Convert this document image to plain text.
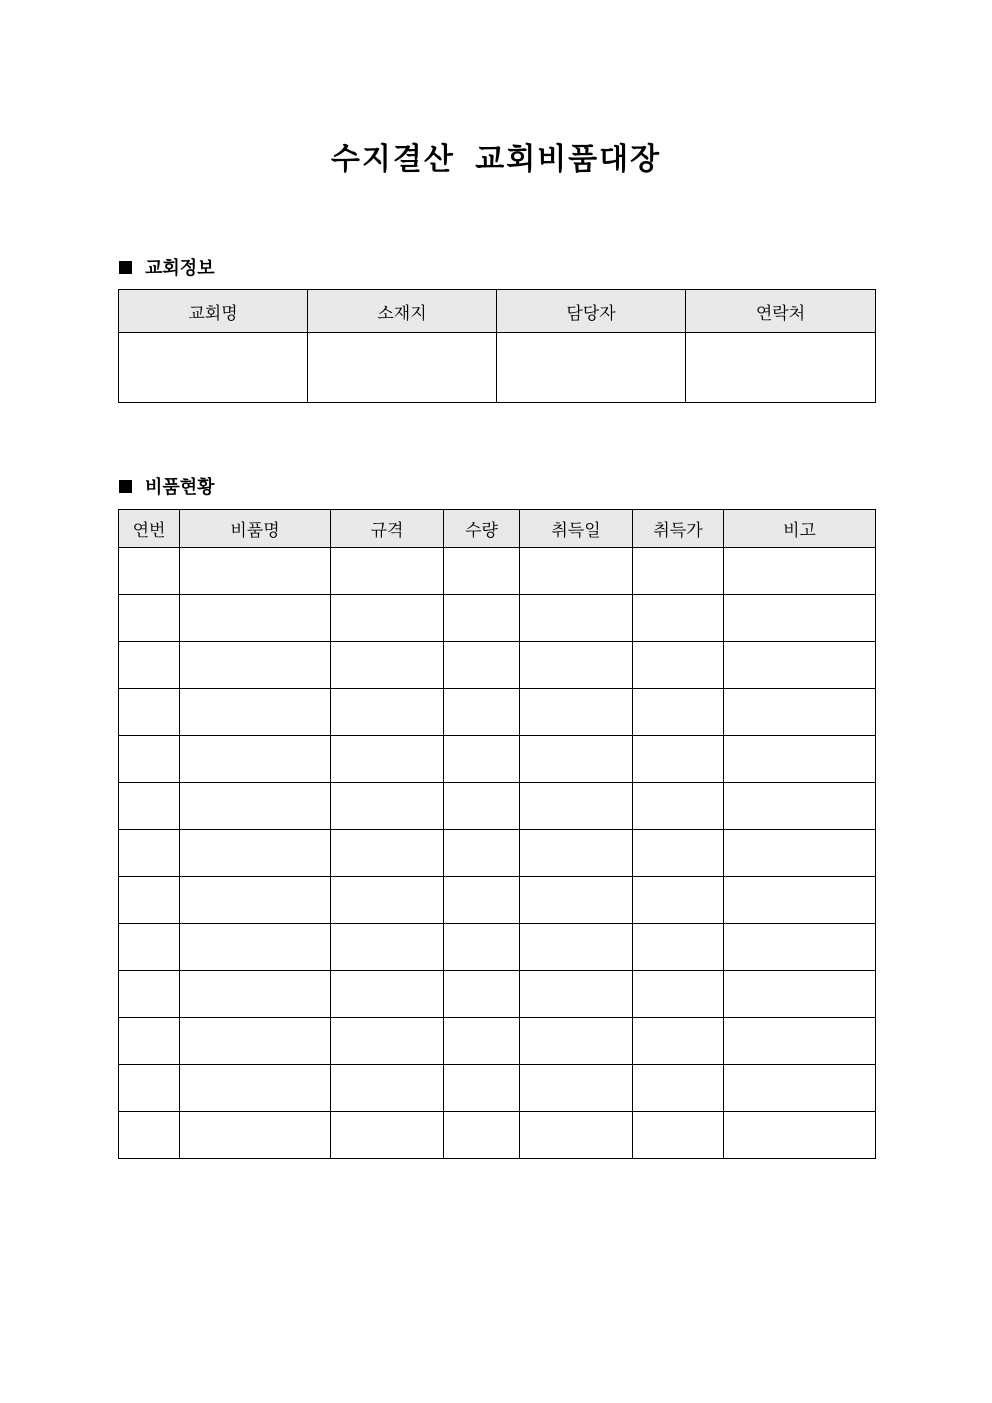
수지결산 교회비품대장
교회정보
교회명	소재지	담당자	연락처

비품현황
연번	비품명	규격	수량	취득일	취득가	비고
